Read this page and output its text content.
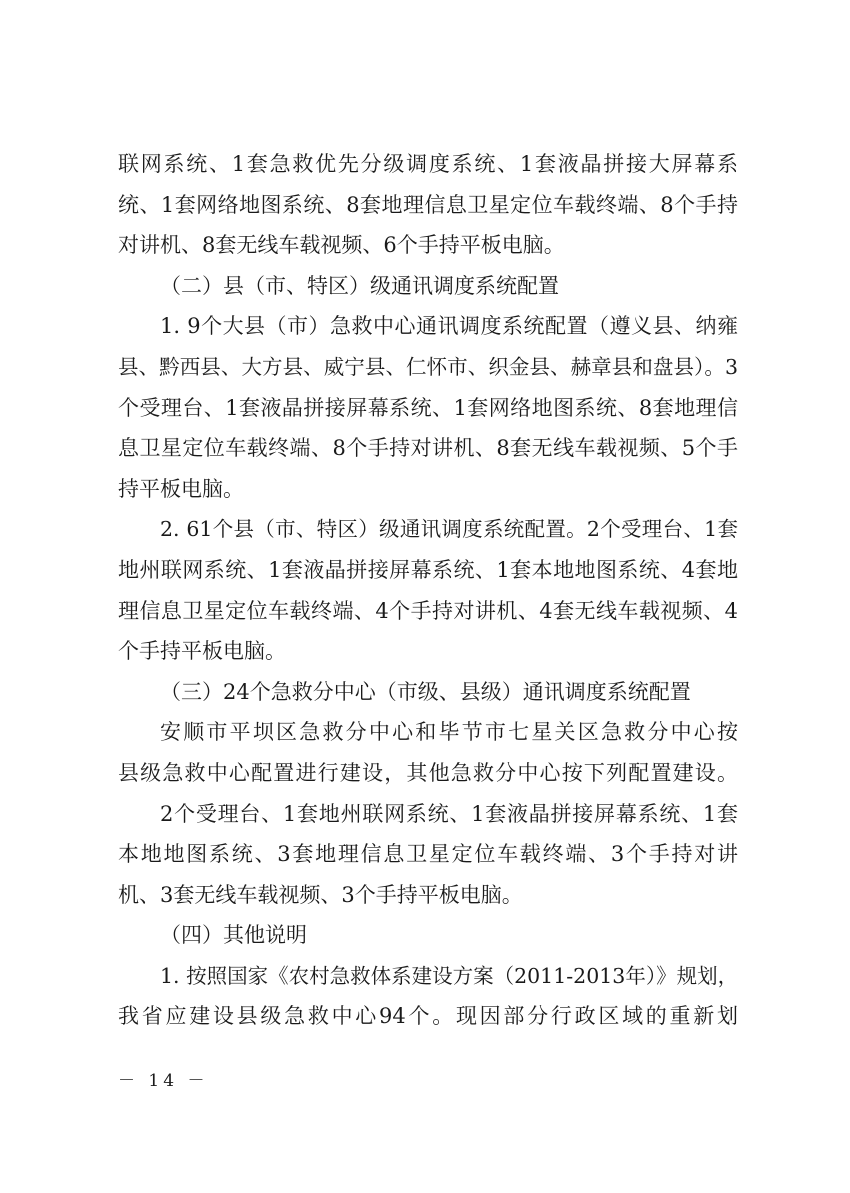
联网系统、1套急救优先分级调度系统、1套液晶拼接大屏幕系
统、1套网络地图系统、8套地理信息卫星定位车载终端、8个手持
对讲机、8套无线车载视频、6个手持平板电脑。
（二）县（市、特区）级通讯调度系统配置
1. 9个大县（市）急救中心通讯调度系统配置（遵义县、纳雍
县、黔西县、大方县、威宁县、仁怀市、织金县、赫章县和盘县）。3
个受理台、1套液晶拼接屏幕系统、1套网络地图系统、8套地理信
息卫星定位车载终端、8个手持对讲机、8套无线车载视频、5个手
持平板电脑。
2. 61个县（市、特区）级通讯调度系统配置。2个受理台、1套
地州联网系统、1套液晶拼接屏幕系统、1套本地地图系统、4套地
理信息卫星定位车载终端、4个手持对讲机、4套无线车载视频、4
个手持平板电脑。
（三）24个急救分中心（市级、县级）通讯调度系统配置
安顺市平坝区急救分中心和毕节市七星关区急救分中心按
县级急救中心配置进行建设，其他急救分中心按下列配置建设。
2个受理台、1套地州联网系统、1套液晶拼接屏幕系统、1套
本地地图系统、3套地理信息卫星定位车载终端、3个手持对讲
机、3套无线车载视频、3个手持平板电脑。
（四）其他说明
1. 按照国家《农村急救体系建设方案（2011-2013年）》规划，
我省应建设县级急救中心94个。现因部分行政区域的重新划
－ 14 －
